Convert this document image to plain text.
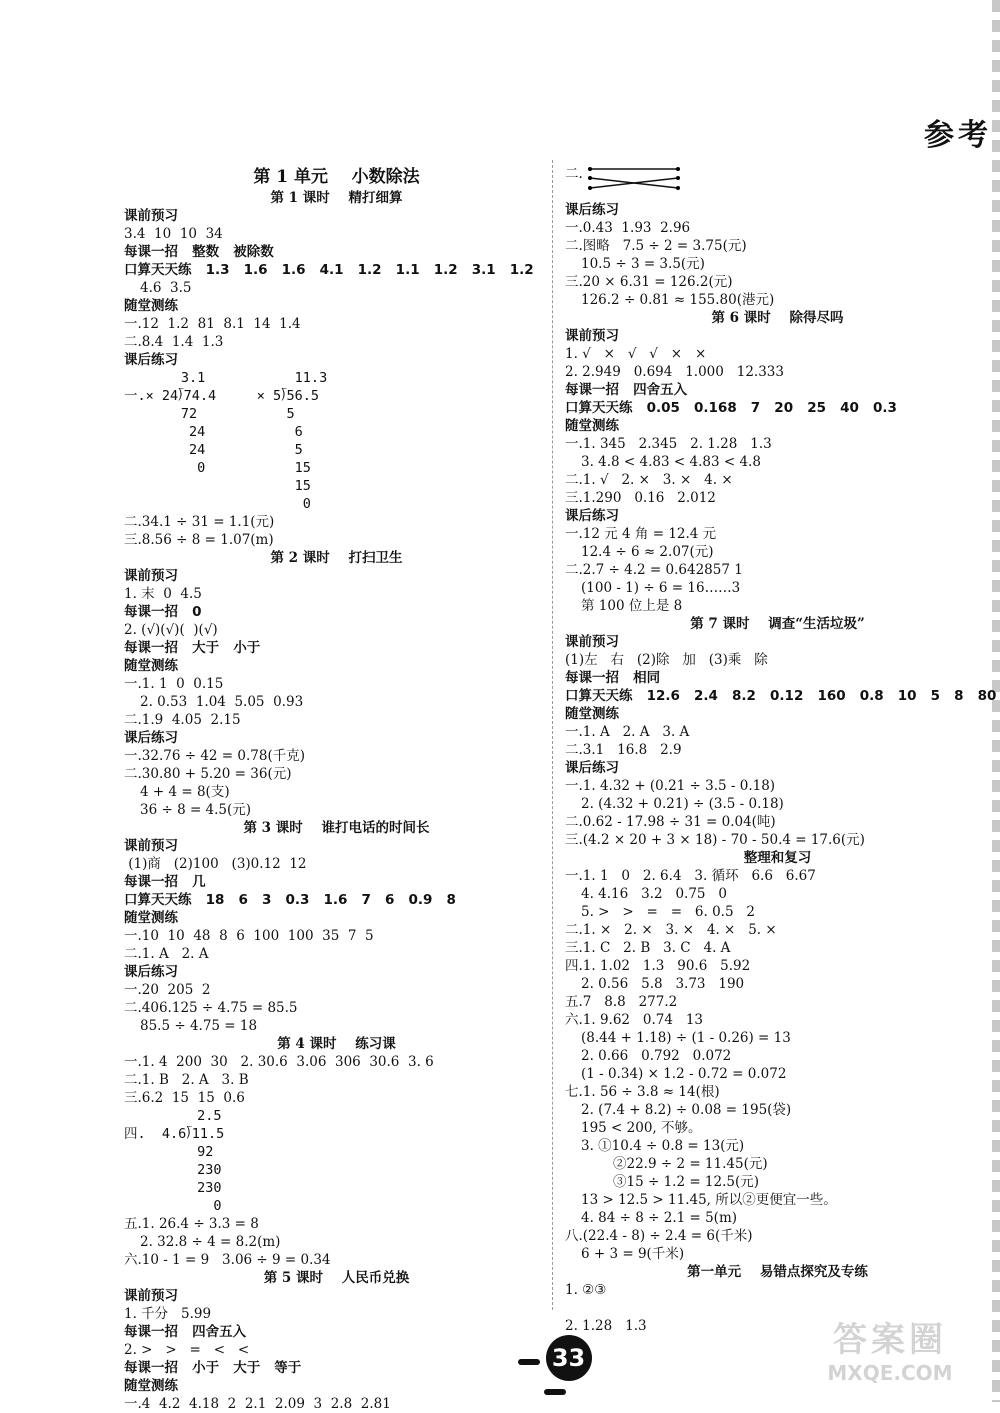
参考
第 1 单元    小数除法
第 1 课时    精打细算
课前预习
3.4  10  10  34
每课一招   整数   被除数
口算天天练   1.3   1.6   1.6   4.1   1.2   1.1   1.2   3.1   1.2
4.6  3.5
随堂测练
一.12  1.2  81  8.1  14  1.4
二.8.4  1.4  1.3
课后练习
3.1           11.3
一.× 24⟌74.4     × 5⟌56.5
72           5
24           6
24           5
0           15
15
0
二.34.1 ÷ 31 = 1.1(元)
三.8.56 ÷ 8 = 1.07(m)
第 2 课时    打扫卫生
课前预习
1. 末  0  4.5
每课一招   0
2. (√)(√)(  )(√)
每课一招   大于   小于
随堂测练
一.1. 1  0  0.15
2. 0.53  1.04  5.05  0.93
二.1.9  4.05  2.15
课后练习
一.32.76 ÷ 42 = 0.78(千克)
二.30.80 + 5.20 = 36(元)
4 + 4 = 8(支)
36 ÷ 8 = 4.5(元)
第 3 课时    谁打电话的时间长
课前预习
(1)商   (2)100   (3)0.12  12
每课一招   几
口算天天练   18   6   3   0.3   1.6   7   6   0.9   8
随堂测练
一.10  10  48  8  6  100  100  35  7  5
二.1. A   2. A
课后练习
一.20  205  2
二.406.125 ÷ 4.75 = 85.5
85.5 ÷ 4.75 = 18
第 4 课时    练习课
一.1. 4  200  30   2. 30.6  3.06  306  30.6  3. 6
二.1. B   2. A   3. B
三.6.2  15  15  0.6
2.5
四.  4.6⟌11.5
92
230
230
0
五.1. 26.4 ÷ 3.3 = 8
2. 32.8 ÷ 4 = 8.2(m)
六.10 - 1 = 9   3.06 ÷ 9 = 0.34
第 5 课时    人民币兑换
课前预习
1. 千分   5.99
每课一招   四舍五入
2. >   >   =   <   <
每课一招   小于   大于   等于
随堂测练
一.4  4.2  4.18  2  2.1  2.09  3  2.8  2.81
二.
课后练习
一.0.43  1.93  2.96
二.图略   7.5 ÷ 2 = 3.75(元)
10.5 ÷ 3 = 3.5(元)
三.20 × 6.31 = 126.2(元)
126.2 ÷ 0.81 ≈ 155.80(港元)
第 6 课时    除得尽吗
课前预习
1. √   ×   √   √   ×   ×
2. 2.949   0.694   1.000   12.333
每课一招   四舍五入
口算天天练   0.05   0.168   7   20   25   40   0.3
随堂测练
一.1. 345   2.345   2. 1.28   1.3
3. 4.8 < 4.83 < 4.83 < 4.8
二.1. √   2. ×   3. ×   4. ×
三.1.290   0.16   2.012
课后练习
一.12 元 4 角 = 12.4 元
12.4 ÷ 6 ≈ 2.07(元)
二.2.7 ÷ 4.2 = 0.642857 1
(100 - 1) ÷ 6 = 16……3
第 100 位上是 8
第 7 课时    调查“生活垃圾”
课前预习
(1)左   右   (2)除   加   (3)乘   除
每课一招   相同
口算天天练   12.6   2.4   8.2   0.12   160   0.8   10   5   8   80
随堂测练
一.1. A   2. A   3. A
二.3.1   16.8   2.9
课后练习
一.1. 4.32 + (0.21 ÷ 3.5 - 0.18)
2. (4.32 + 0.21) ÷ (3.5 - 0.18)
二.0.62 - 17.98 ÷ 31 = 0.04(吨)
三.(4.2 × 20 + 3 × 18) - 70 - 50.4 = 17.6(元)
整理和复习
一.1. 1   0   2. 6.4   3. 循环   6.6   6.67
4. 4.16   3.2   0.75   0
5. >   >   =   =   6. 0.5   2
二.1. ×   2. ×   3. ×   4. ×   5. ×
三.1. C   2. B   3. C   4. A
四.1. 1.02   1.3   90.6   5.92
2. 0.56   5.8   3.73   190
五.7   8.8   277.2
六.1. 9.62   0.74   13
(8.44 + 1.18) ÷ (1 - 0.26) = 13
2. 0.66   0.792   0.072
(1 - 0.34) × 1.2 - 0.72 = 0.072
七.1. 56 ÷ 3.8 ≈ 14(根)
2. (7.4 + 8.2) ÷ 0.08 = 195(袋)
195 < 200, 不够。
3. ①10.4 ÷ 0.8 = 13(元)
②22.9 ÷ 2 = 11.45(元)
③15 ÷ 1.2 = 12.5(元)
13 > 12.5 > 11.45, 所以②更便宜一些。
4. 84 ÷ 8 ÷ 2.1 = 5(m)
八.(22.4 - 8) ÷ 2.4 = 6(千米)
6 + 3 = 9(千米)
第一单元    易错点探究及专练
1. ②③
2. 1.28   1.3
33	答案圈
MXQE.COM
